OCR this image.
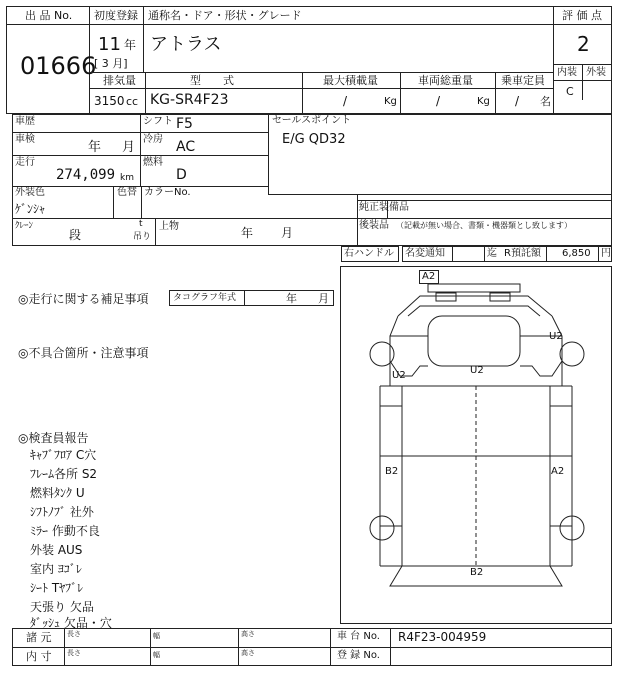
出 品 No.
01666
初度登録 通称名・ドア・形状・グレード
11 年
[ 3 月]
アトラス
評 価 点
2
内装 外装
C
排気量	型　　式	最大積載量	車両総重量	乗車定員
3150 cc KG-SR4F23	/	Kg	/	Kg / 名
車歴
車検
年 月
走行
274,099 km
シフト F5
冷房 AC
燃料
D
セールスポイント
E/G QD32
外装色
ｹﾞﾝｼｬ
色替 カラーNo.
純正装備品
後装品 （記載が無い場合、書類・機器類とし致します）
ｸﾚｰﾝ
段
t
吊り
上物	年 月
右ハンドル 名変通知	迄 R預託額 6,850 円
◎走行に関する補足事項	タコグラフ年式	年 月
◎不具合箇所・注意事項
◎検査員報告
ｷｬﾌﾞﾌﾛｱ C穴
ﾌﾚｰﾑ各所 S2
燃料ﾀﾝｸ U
ｼﾌﾄﾉﾌﾞ 社外
ﾐﾗｰ 作動不良
外装 AUS
室内 ﾖｺﾞﾚ
ｼｰﾄ Tﾔﾌﾞﾚ
天張り 欠品
ﾀﾞｯｼｭ 欠品・穴
A2
U2
U2	U2
B2	A2
B2
諸 元
内 寸
長さ	幅	高さ
長さ	幅	高さ
車 台 No. R4F23-004959
登 録 No.
